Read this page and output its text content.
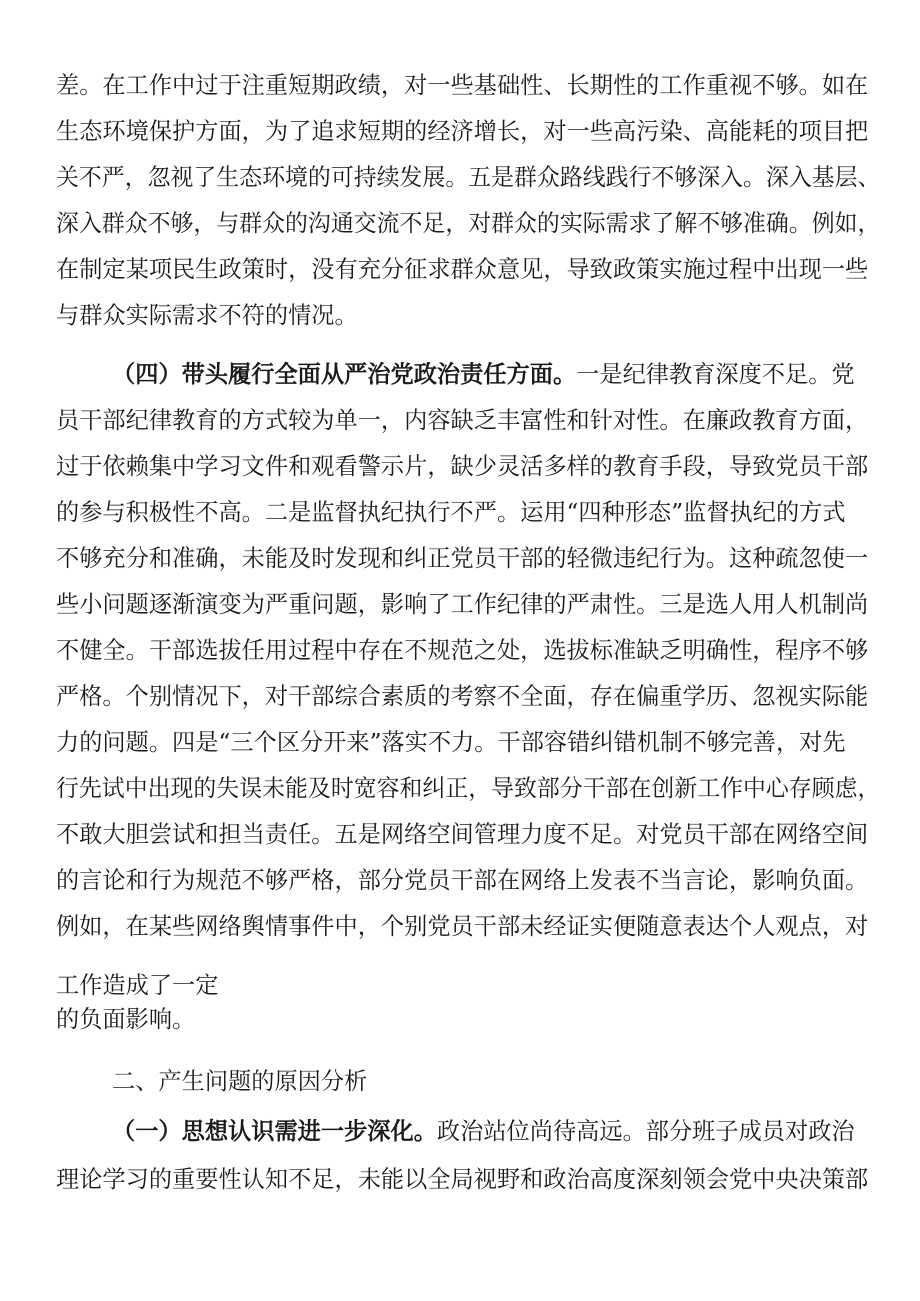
差。在工作中过于注重短期政绩，对一些基础性、长期性的工作重视不够。如在
生态环境保护方面，为了追求短期的经济增长，对一些高污染、高能耗的项目把
关不严，忽视了生态环境的可持续发展。五是群众路线践行不够深入。深入基层、
深入群众不够，与群众的沟通交流不足，对群众的实际需求了解不够准确。例如，
在制定某项民生政策时，没有充分征求群众意见，导致政策实施过程中出现一些
与群众实际需求不符的情况。
（四）带头履行全面从严治党政治责任方面。一是纪律教育深度不足。党
员干部纪律教育的方式较为单一，内容缺乏丰富性和针对性。在廉政教育方面，
过于依赖集中学习文件和观看警示片，缺少灵活多样的教育手段，导致党员干部
的参与积极性不高。二是监督执纪执行不严。运用“四种形态”监督执纪的方式
不够充分和准确，未能及时发现和纠正党员干部的轻微违纪行为。这种疏忽使一
些小问题逐渐演变为严重问题，影响了工作纪律的严肃性。三是选人用人机制尚
不健全。干部选拔任用过程中存在不规范之处，选拔标准缺乏明确性，程序不够
严格。个别情况下，对干部综合素质的考察不全面，存在偏重学历、忽视实际能
力的问题。四是“三个区分开来”落实不力。干部容错纠错机制不够完善，对先
行先试中出现的失误未能及时宽容和纠正，导致部分干部在创新工作中心存顾虑，
不敢大胆尝试和担当责任。五是网络空间管理力度不足。对党员干部在网络空间
的言论和行为规范不够严格，部分党员干部在网络上发表不当言论，影响负面。
例如，在某些网络舆情事件中，个别党员干部未经证实便随意表达个人观点，对
工作造成了一定
的负面影响。
二、产生问题的原因分析
（一）思想认识需进一步深化。政治站位尚待高远。部分班子成员对政治
理论学习的重要性认知不足，未能以全局视野和政治高度深刻领会党中央决策部
